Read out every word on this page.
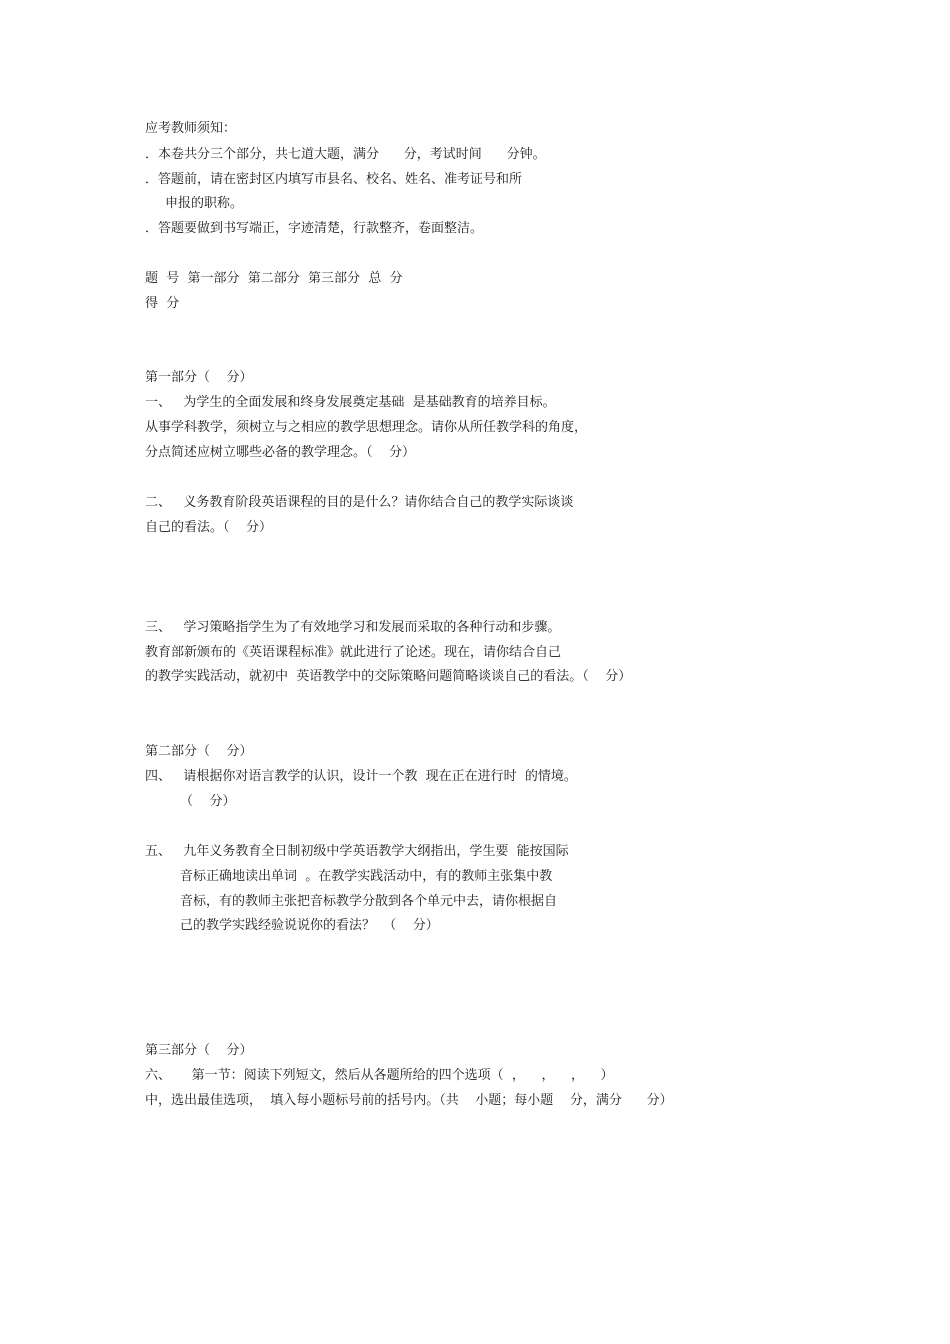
应考教师须知：

．本卷共分三个部分，共七道大题，满分      分，考试时间      分钟。

．答题前，请在密封区内填写市县名、校名、姓名、准考证号和所

申报的职称。

．答题要做到书写端正，字迹清楚，行款整齐，卷面整洁。

题  号  第一部分  第二部分  第三部分  总  分

得  分

第一部分（    分）

一、   为学生的全面发展和终身发展奠定基础  是基础教育的培养目标。

从事学科教学，须树立与之相应的教学思想理念。请你从所任教学科的角度，

分点简述应树立哪些必备的教学理念。（    分）

二、   义务教育阶段英语课程的目的是什么？请你结合自己的教学实际谈谈

自己的看法。（    分）

三、   学习策略指学生为了有效地学习和发展而采取的各种行动和步骤。

教育部新颁布的《英语课程标准》就此进行了论述。现在，请你结合自己

的教学实践活动，就初中  英语教学中的交际策略问题简略谈谈自己的看法。（    分）

第二部分（    分）

四、   请根据你对语言教学的认识，设计一个教  现在正在进行时  的情境。

（    分）

五、   九年义务教育全日制初级中学英语教学大纲指出，学生要  能按国际

音标正确地读出单词  。在教学实践活动中，有的教师主张集中教

音标，有的教师主张把音标教学分散到各个单元中去，请你根据自

己的教学实践经验说说你的看法？  （    分）

第三部分（    分）

六、     第一节：阅读下列短文，然后从各题所给的四个选项（  ，    ，    ，    ）

中，选出最佳选项，  填入每小题标号前的括号内。（共    小题；每小题    分，满分      分）
